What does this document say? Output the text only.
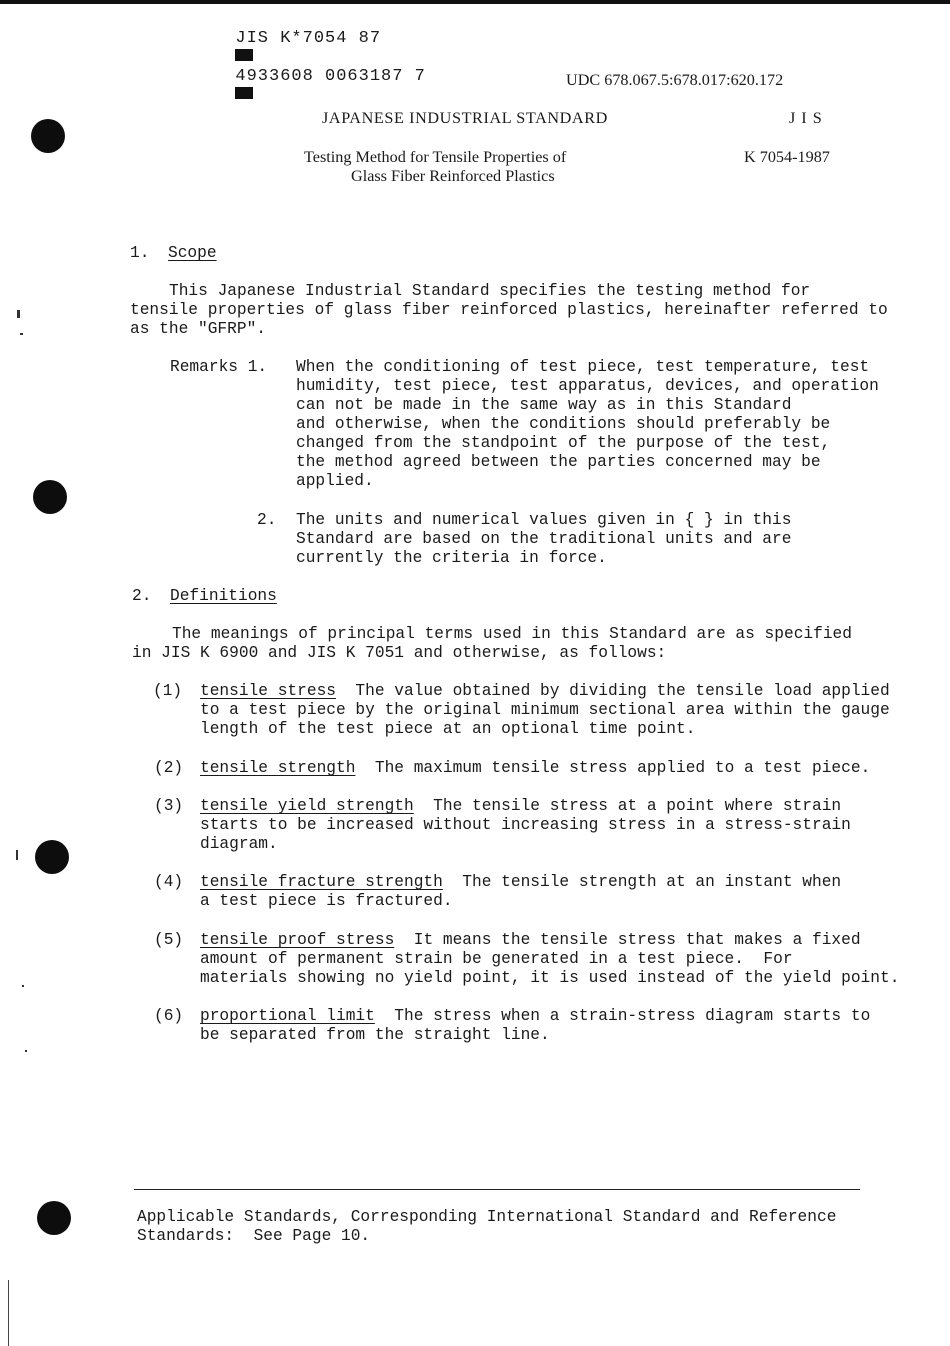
JIS K*7054 87

4933608 0063187 7
	UDC 678.067.5:678.017:620.172
JAPANESE INDUSTRIAL STANDARD	JIS
Testing Method for Tensile Properties of
Glass Fiber Reinforced Plastics
K 7054-1987
1. Scope
This Japanese Industrial Standard specifies the testing method for
tensile properties of glass fiber reinforced plastics, hereinafter referred to
as the "GFRP".
Remarks 1. When the conditioning of test piece, test temperature, test
humidity, test piece, test apparatus, devices, and operation
can not be made in the same way as in this Standard
and otherwise, when the conditions should preferably be
changed from the standpoint of the purpose of the test,
the method agreed between the parties concerned may be
applied.
2. The units and numerical values given in { } in this
Standard are based on the traditional units and are
currently the criteria in force.
2. Definitions
The meanings of principal terms used in this Standard are as specified
in JIS K 6900 and JIS K 7051 and otherwise, as follows:
(1) tensile stress  The value obtained by dividing the tensile load applied
to a test piece by the original minimum sectional area within the gauge
length of the test piece at an optional time point.
(2) tensile strength  The maximum tensile stress applied to a test piece.
(3) tensile yield strength  The tensile stress at a point where strain
starts to be increased without increasing stress in a stress-strain
diagram.
(4) tensile fracture strength  The tensile strength at an instant when
a test piece is fractured.
(5) tensile proof stress  It means the tensile stress that makes a fixed
amount of permanent strain be generated in a test piece.  For
materials showing no yield point, it is used instead of the yield point.
(6) proportional limit  The stress when a strain-stress diagram starts to
be separated from the straight line.
Applicable Standards, Corresponding International Standard and Reference
Standards:  See Page 10.
